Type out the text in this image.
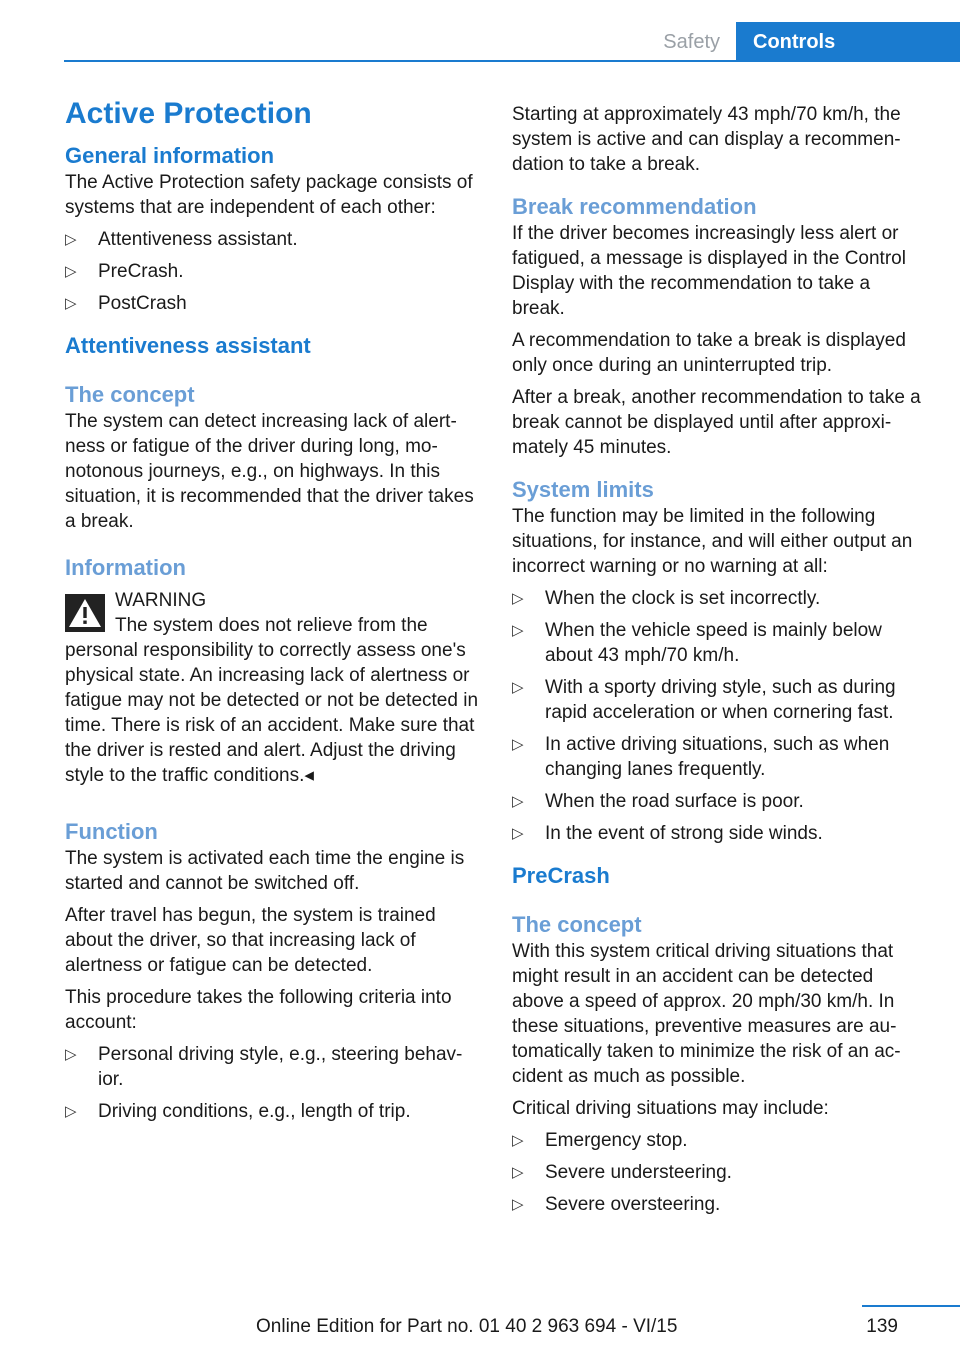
Safety	Controls
Active Protection
General information

The Active Protection safety package consists of systems that are independent of each other:

▷ Attentiveness assistant.
▷ PreCrash.
▷ PostCrash
Attentiveness assistant
The concept

The system can detect increasing lack of alertness or fatigue of the driver during long, monotonous journeys, e.g., on highways. In this situation, it is recommended that the driver takes a break.

Information
WARNING
The system does not relieve from the
personal responsibility to correctly assess one's physical state. An increasing lack of alertness or fatigue may not be detected or not be detected in time. There is risk of an accident. Make sure that the driver is rested and alert. Adjust the driving style to the traffic conditions.◂
Function

The system is activated each time the engine is started and cannot be switched off.

After travel has begun, the system is trained about the driver, so that increasing lack of alertness or fatigue can be detected.

This procedure takes the following criteria into account:

▷ Personal driving style, e.g., steering behavior.
▷ Driving conditions, e.g., length of trip.

Starting at approximately 43 mph/70 km/h, the system is active and can display a recommendation to take a break.

Break recommendation

If the driver becomes increasingly less alert or fatigued, a message is displayed in the Control Display with the recommendation to take a break.

A recommendation to take a break is displayed only once during an uninterrupted trip.

After a break, another recommendation to take a break cannot be displayed until after approximately 45 minutes.

System limits

The function may be limited in the following situations, for instance, and will either output an incorrect warning or no warning at all:

▷ When the clock is set incorrectly.
▷ When the vehicle speed is mainly below about 43 mph/70 km/h.
▷ With a sporty driving style, such as during rapid acceleration or when cornering fast.
▷ In active driving situations, such as when changing lanes frequently.
▷ When the road surface is poor.
▷ In the event of strong side winds.
PreCrash
The concept

With this system critical driving situations that might result in an accident can be detected above a speed of approx. 20 mph/30 km/h. In these situations, preventive measures are automatically taken to minimize the risk of an accident as much as possible.

Critical driving situations may include:

▷ Emergency stop.
▷ Severe understeering.
▷ Severe oversteering.
139
Online Edition for Part no. 01 40 2 963 694 - VI/15
